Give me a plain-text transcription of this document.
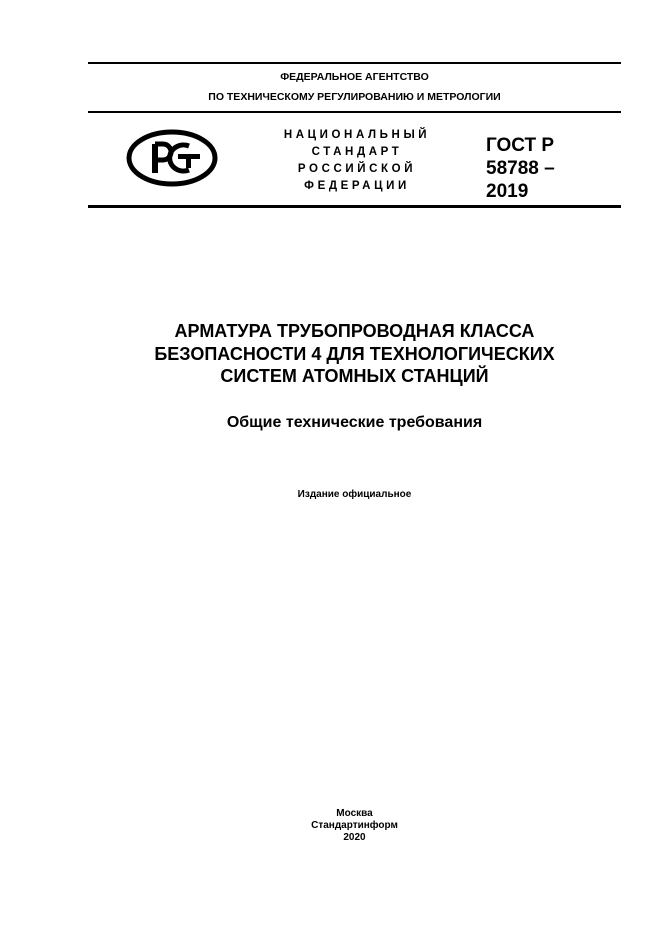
ФЕДЕРАЛЬНОЕ АГЕНТСТВО
ПО ТЕХНИЧЕСКОМУ РЕГУЛИРОВАНИЮ И МЕТРОЛОГИИ
НАЦИОНАЛЬНЫЙ
СТАНДАРТ
РОССИЙСКОЙ
ФЕДЕРАЦИИ
ГОСТ Р
58788 –
2019
АРМАТУРА ТРУБОПРОВОДНАЯ КЛАССА
БЕЗОПАСНОСТИ 4 ДЛЯ ТЕХНОЛОГИЧЕСКИХ
СИСТЕМ АТОМНЫХ СТАНЦИЙ
Общие технические требования
Издание официальное
Москва
Стандартинформ
2020
